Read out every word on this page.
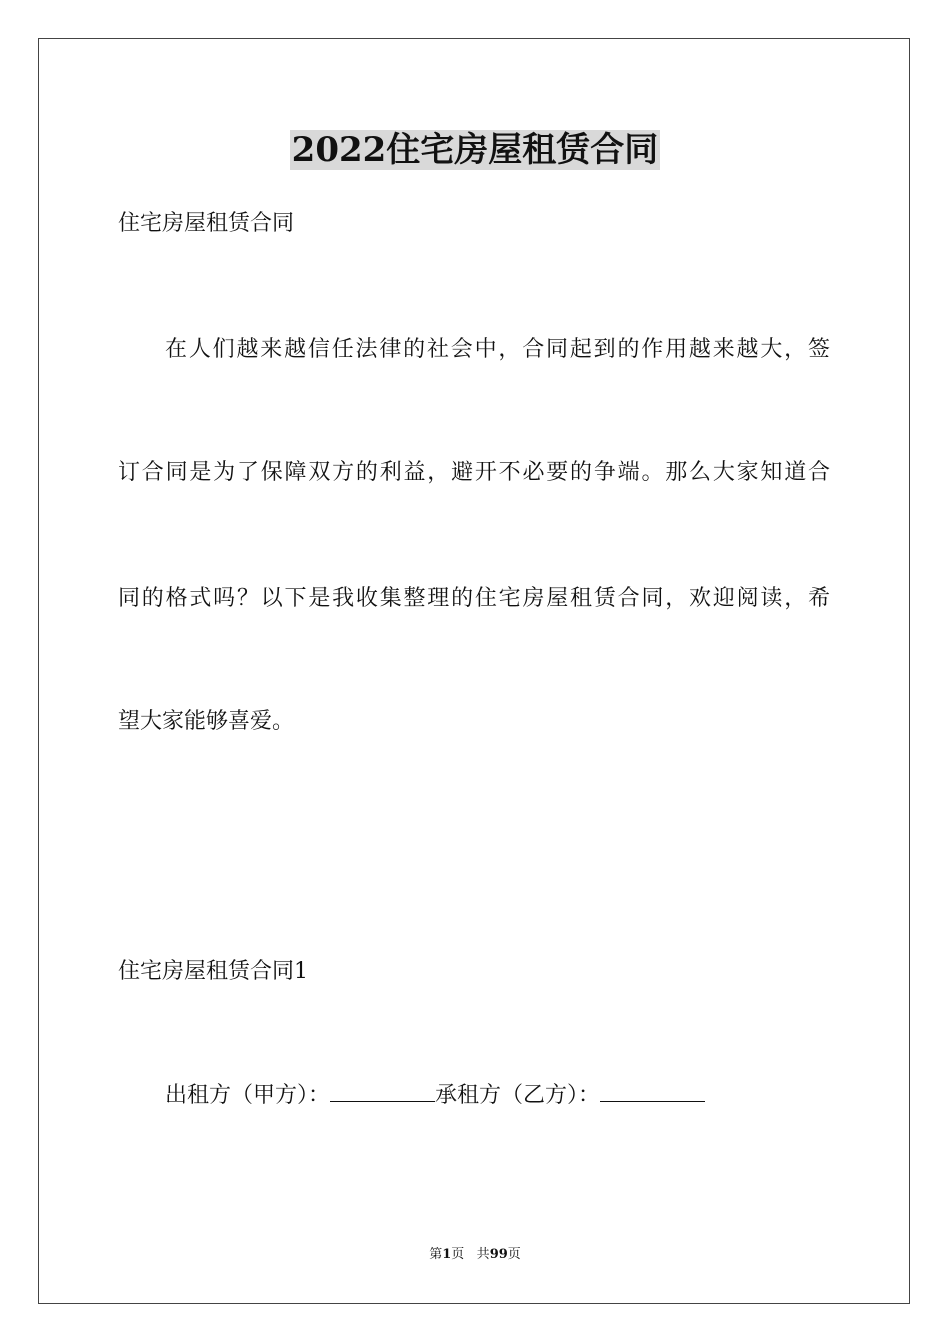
2022住宅房屋租赁合同
住宅房屋租赁合同
在人们越来越信任法律的社会中，合同起到的作用越来越大，签
订合同是为了保障双方的利益，避开不必要的争端。那么大家知道合
同的格式吗？以下是我收集整理的住宅房屋租赁合同，欢迎阅读，希
望大家能够喜爱。
住宅房屋租赁合同1
出租方（甲方）：	承租方（乙方）：
第1页 共99页
